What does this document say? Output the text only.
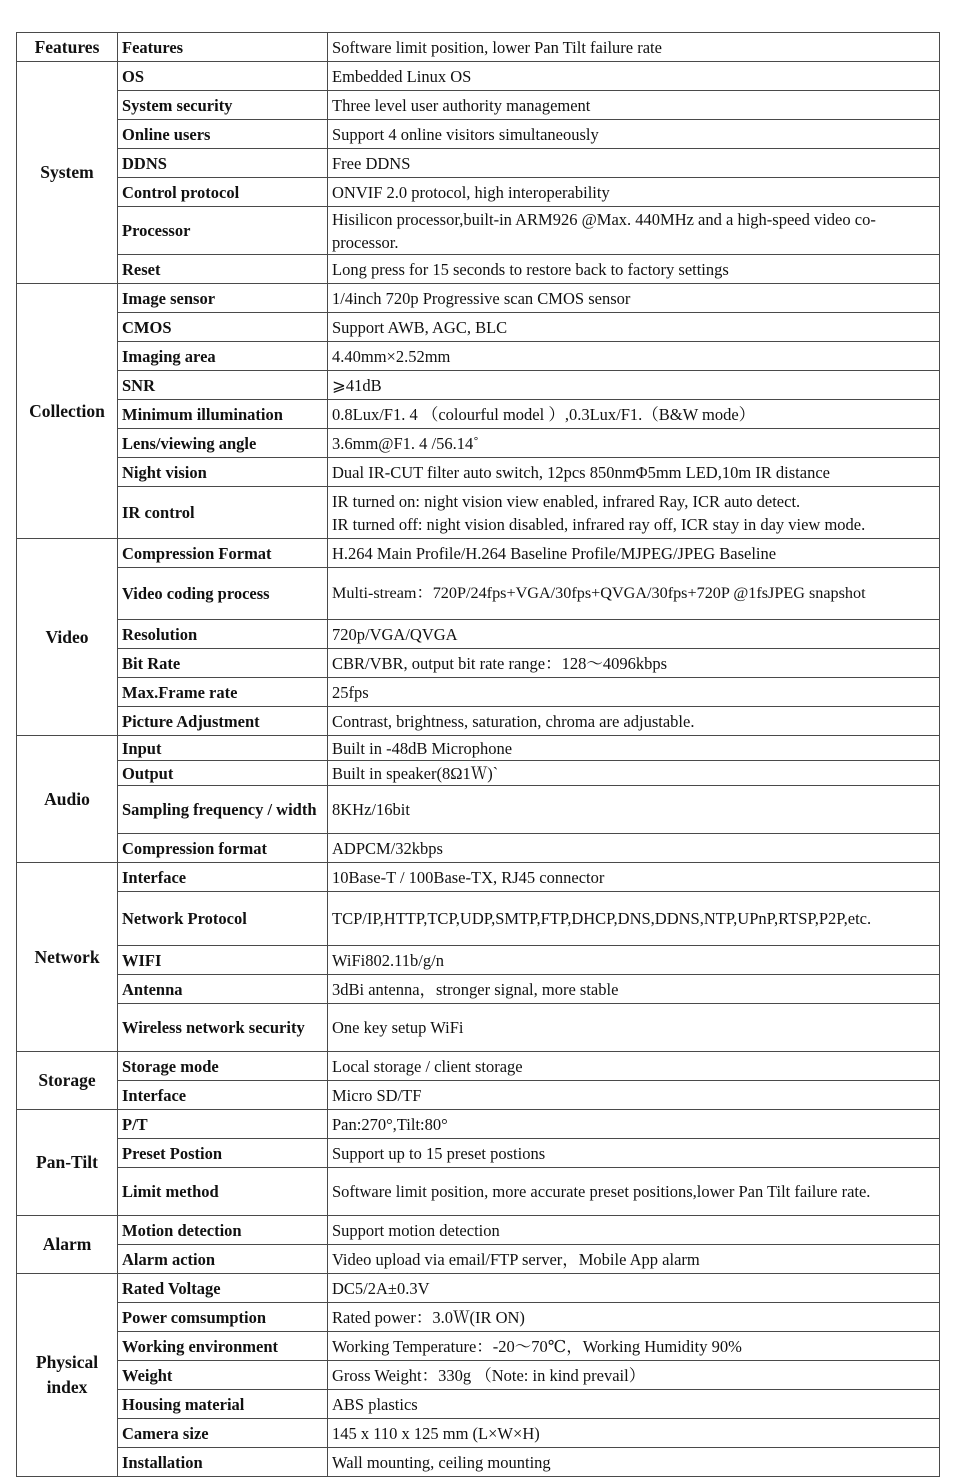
Features	Features	Software limit position, lower Pan Tilt failure rate
System	OS	Embedded Linux OS
	System security	Three level user authority management
	Online users	Support 4 online visitors simultaneously
	DDNS	Free DDNS
	Control protocol	ONVIF 2.0 protocol, high interoperability
	Processor	Hisilicon processor,built-in ARM926 @Max. 440MHz and a high-speed video co-processor.
	Reset	Long press for 15 seconds to restore back to factory settings
Collection	Image sensor	1/4inch 720p Progressive scan CMOS sensor
	CMOS	Support AWB, AGC, BLC
	Imaging area	4.40mm×2.52mm
	SNR	⩾41dB
	Minimum illumination	0.8Lux/F1. 4 （colourful model ）,0.3Lux/F1.（B&W mode）
	Lens/viewing angle	3.6mm@F1. 4 /56.14˚
	Night vision	Dual IR-CUT filter auto switch, 12pcs 850nmΦ5mm LED,10m IR distance
	IR control	IR turned on: night vision view enabled, infrared Ray, ICR auto detect.
IR turned off: night vision disabled, infrared ray off, ICR stay in day view mode.

Video	Compression Format	H.264 Main Profile/H.264 Baseline Profile/MJPEG/JPEG Baseline
	Video coding process	Multi-stream：720P/24fps+VGA/30fps+QVGA/30fps+720P @1fsJPEG snapshot
	Resolution	720p/VGA/QVGA
	Bit Rate	CBR/VBR, output bit rate range：128～4096kbps
	Max.Frame rate	25fps
	Picture Adjustment	Contrast, brightness, saturation, chroma are adjustable.
Audio	Input	Built in -48dB Microphone
	Output	Built in speaker(8Ω1Ｗ)`
	Sampling frequency / width	8KHz/16bit
	Compression format	ADPCM/32kbps
Network	Interface	10Base-T / 100Base-TX, RJ45 connector
	Network Protocol	TCP/IP,HTTP,TCP,UDP,SMTP,FTP,DHCP,DNS,DDNS,NTP,UPnP,RTSP,P2P,etc.
	WIFI	WiFi802.11b/g/n
	Antenna	3dBi antenna，stronger signal, more stable
	Wireless network security	One key setup WiFi
Storage	Storage mode	Local storage / client storage
	Interface	Micro SD/TF
Pan-Tilt	P/T	Pan:270°,Tilt:80°
	Preset Postion	Support up to 15 preset postions
	Limit method	Software limit position, more accurate preset positions,lower Pan Tilt failure rate.
Alarm	Motion detection	Support motion detection
	Alarm action	Video upload via email/FTP server，Mobile App alarm
Physical index	Rated Voltage	DC5/2A±0.3V
	Power comsumption	Rated power：3.0Ｗ(IR ON)
	Working environment	Working Temperature：-20～70℃，Working Humidity 90%
	Weight	Gross Weight：330g （Note: in kind prevail）
	Housing material	ABS plastics
	Camera size	145 x 110 x 125 mm (L×W×H)
	Installation	Wall mounting, ceiling mounting
